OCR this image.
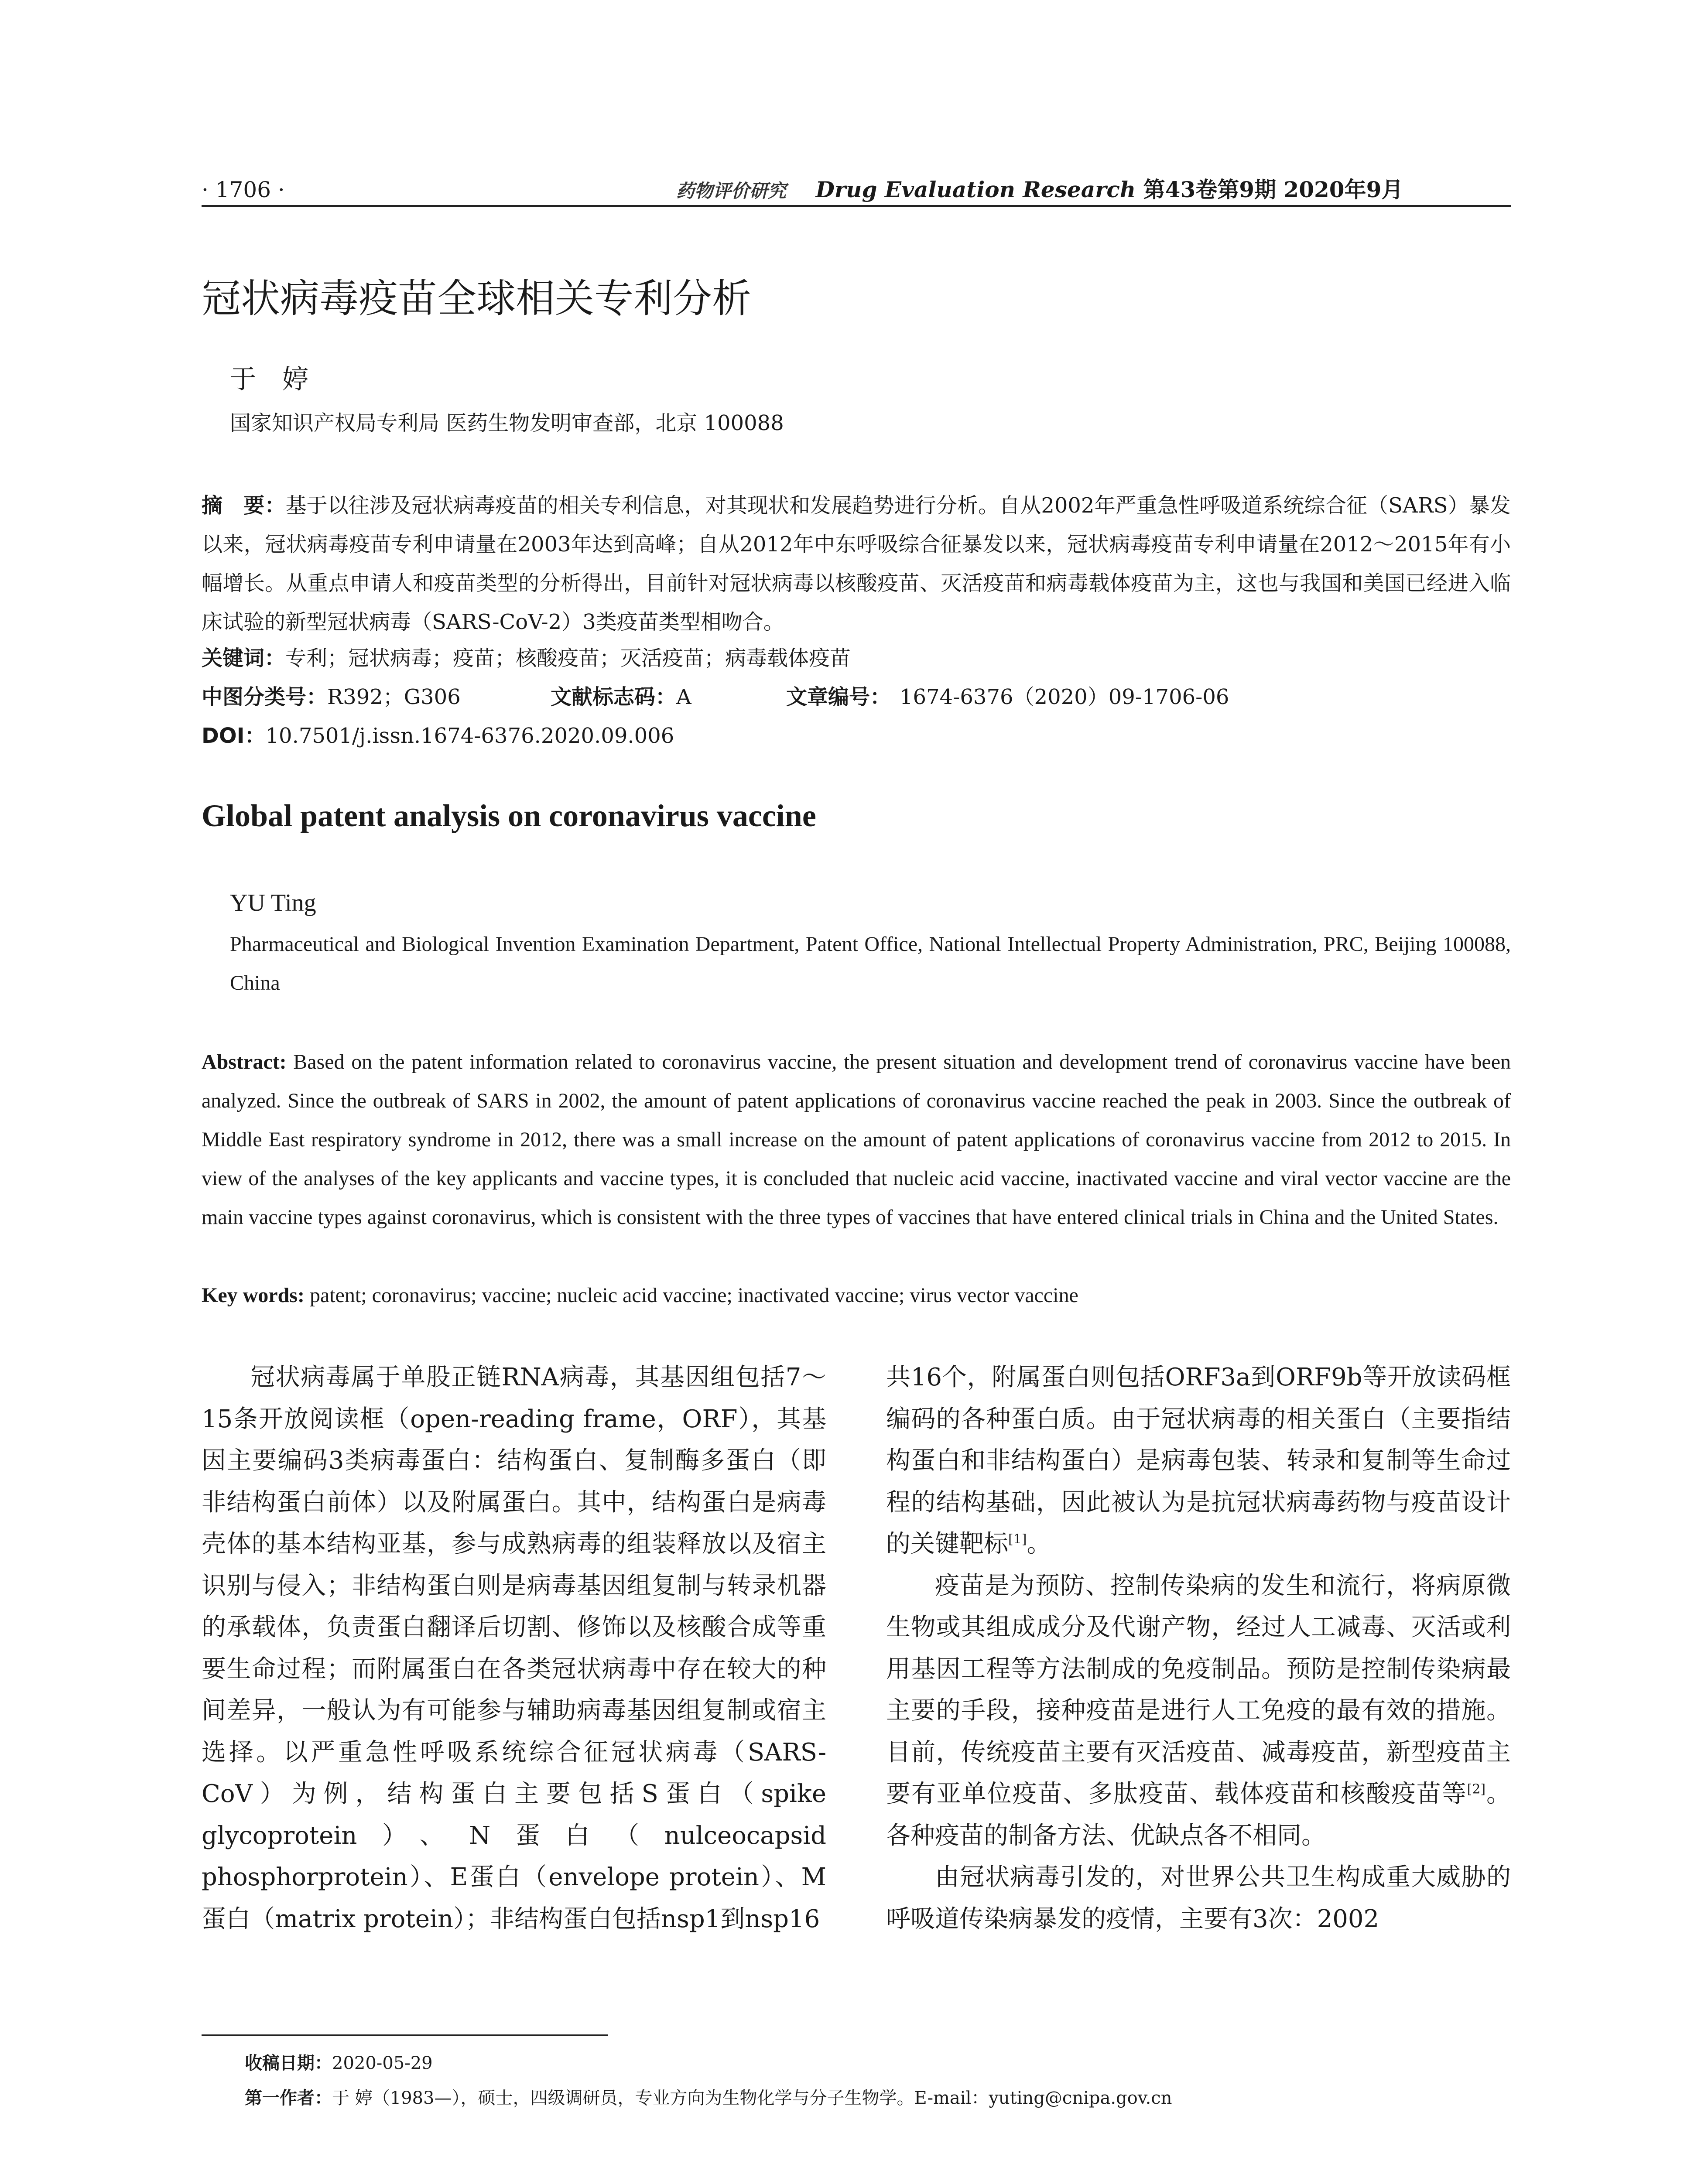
· 1706 ·	药物评价研究 Drug Evaluation Research 第43卷第9期 2020年9月
冠状病毒疫苗全球相关专利分析
于婷
国家知识产权局专利局 医药生物发明审查部，北京 100088
摘　要：基于以往涉及冠状病毒疫苗的相关专利信息，对其现状和发展趋势进行分析。自从2002年严重急性呼吸道系统综合征（SARS）暴发以来，冠状病毒疫苗专利申请量在2003年达到高峰；自从2012年中东呼吸综合征暴发以来，冠状病毒疫苗专利申请量在2012～2015年有小幅增长。从重点申请人和疫苗类型的分析得出，目前针对冠状病毒以核酸疫苗、灭活疫苗和病毒载体疫苗为主，这也与我国和美国已经进入临床试验的新型冠状病毒（SARS-CoV-2）3类疫苗类型相吻合。
关键词：专利；冠状病毒；疫苗；核酸疫苗；灭活疫苗；病毒载体疫苗
中图分类号：R392；G306	文献标志码：A	文章编号： 1674-6376（2020）09-1706-06
DOI：10.7501/j.issn.1674-6376.2020.09.006
Global patent analysis on coronavirus vaccine
YU Ting
Pharmaceutical and Biological Invention Examination Department, Patent Office, National Intellectual Property Administration, PRC, Beijing 100088, China
Abstract: Based on the patent information related to coronavirus vaccine, the present situation and development trend of coronavirus vaccine have been analyzed. Since the outbreak of SARS in 2002, the amount of patent applications of coronavirus vaccine reached the peak in 2003. Since the outbreak of Middle East respiratory syndrome in 2012, there was a small increase on the amount of patent applications of coronavirus vaccine from 2012 to 2015. In view of the analyses of the key applicants and vaccine types, it is concluded that nucleic acid vaccine, inactivated vaccine and viral vector vaccine are the main vaccine types against coronavirus, which is consistent with the three types of vaccines that have entered clinical trials in China and the United States.
Key words: patent; coronavirus; vaccine; nucleic acid vaccine; inactivated vaccine; virus vector vaccine

冠状病毒属于单股正链RNA病毒，其基因组包括7～15条开放阅读框（open-reading frame，ORF），其基因主要编码3类病毒蛋白：结构蛋白、复制酶多蛋白（即非结构蛋白前体）以及附属蛋白。其中，结构蛋白是病毒壳体的基本结构亚基，参与成熟病毒的组装释放以及宿主识别与侵入；非结构蛋白则是病毒基因组复制与转录机器的承载体，负责蛋白翻译后切割、修饰以及核酸合成等重要生命过程；而附属蛋白在各类冠状病毒中存在较大的种间差异，一般认为有可能参与辅助病毒基因组复制或宿主选择。以严重急性呼吸系统综合征冠状病毒（SARS-CoV）为例，结构蛋白主要包括S蛋白（spike glycoprotein）、N蛋白（nulceocapsid phosphorprotein）、E蛋白（envelope protein）、M蛋白（matrix protein）；非结构蛋白包括nsp1到nsp16

共16个，附属蛋白则包括ORF3a到ORF9b等开放读码框编码的各种蛋白质。由于冠状病毒的相关蛋白（主要指结构蛋白和非结构蛋白）是病毒包装、转录和复制等生命过程的结构基础，因此被认为是抗冠状病毒药物与疫苗设计的关键靶标[1]。

疫苗是为预防、控制传染病的发生和流行，将病原微生物或其组成成分及代谢产物，经过人工减毒、灭活或利用基因工程等方法制成的免疫制品。预防是控制传染病最主要的手段，接种疫苗是进行人工免疫的最有效的措施。目前，传统疫苗主要有灭活疫苗、减毒疫苗，新型疫苗主要有亚单位疫苗、多肽疫苗、载体疫苗和核酸疫苗等[2]。各种疫苗的制备方法、优缺点各不相同。

由冠状病毒引发的，对世界公共卫生构成重大威胁的呼吸道传染病暴发的疫情，主要有3次：2002

收稿日期：2020-05-29
第一作者：于 婷（1983—），硕士，四级调研员，专业方向为生物化学与分子生物学。E-mail：yuting@cnipa.gov.cn
